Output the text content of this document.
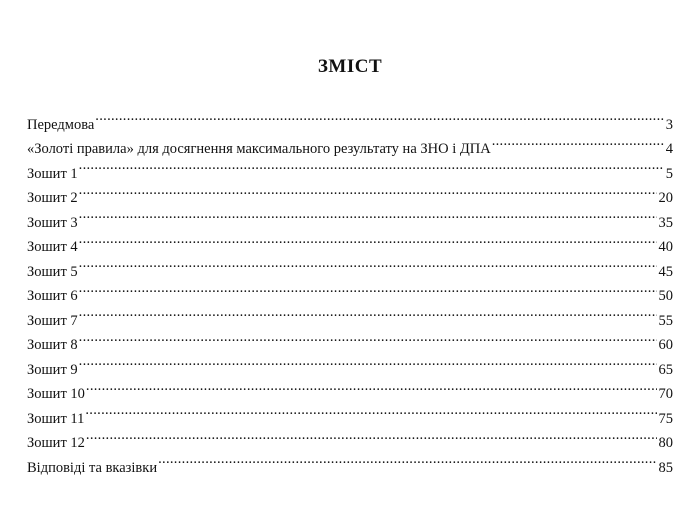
ЗМІСТ
Передмова .....	3
«Золоті правила» для досягнення максимального результату на ЗНО і ДПА .....	4
Зошит 1 .....	5
Зошит 2 .....	20
Зошит 3 .....	35
Зошит 4 .....	40
Зошит 5 .....	45
Зошит 6 .....	50
Зошит 7 .....	55
Зошит 8 .....	60
Зошит 9 .....	65
Зошит 10 .....	70
Зошит 11 .....	75
Зошит 12 .....	80
Відповіді та вказівки .....	85
